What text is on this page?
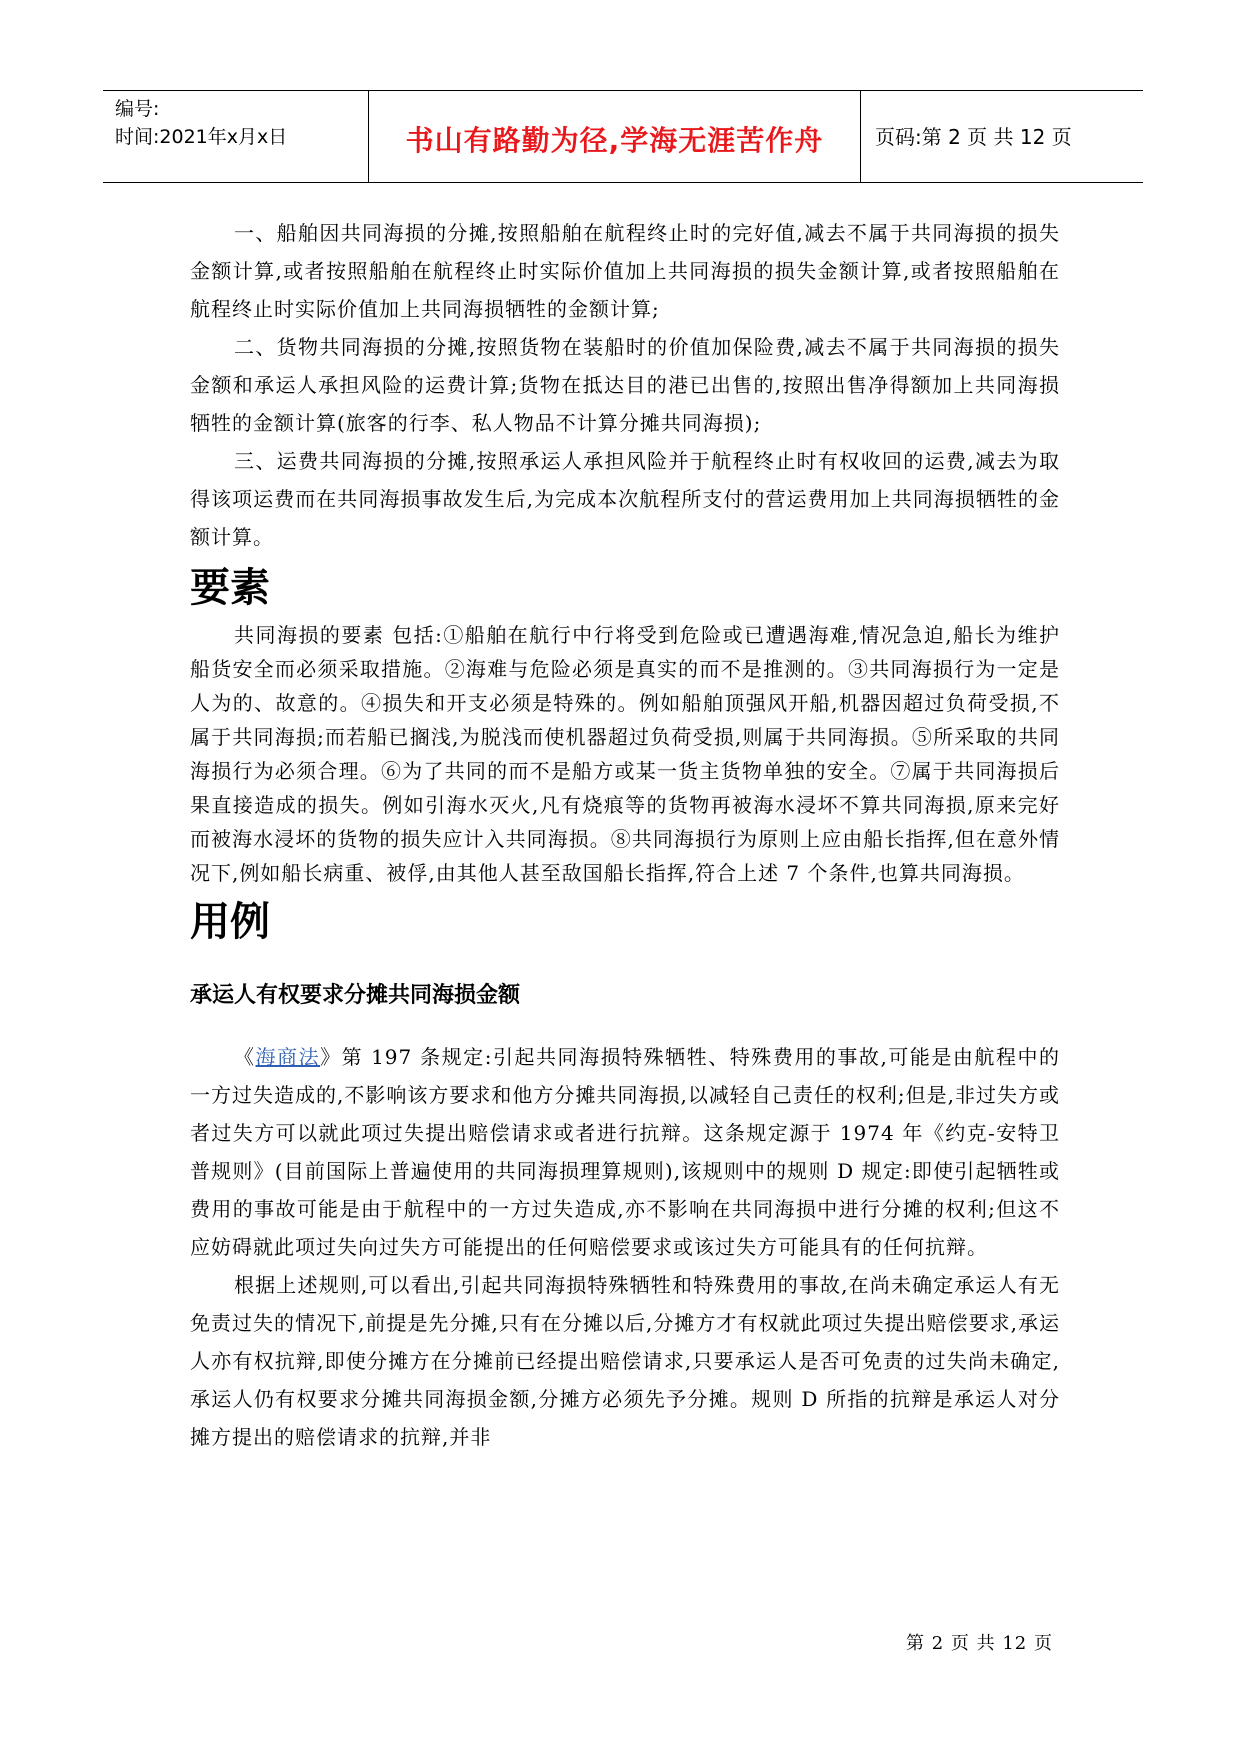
编号:
时间:2021年x月x日	书山有路勤为径,学海无涯苦作舟	页码:第 2 页 共 12 页

一、船舶因共同海损的分摊,按照船舶在航程终止时的完好值,减去不属于共同海损的损失金额计算,或者按照船舶在航程终止时实际价值加上共同海损的损失金额计算,或者按照船舶在航程终止时实际价值加上共同海损牺牲的金额计算;

二、货物共同海损的分摊,按照货物在装船时的价值加保险费,减去不属于共同海损的损失金额和承运人承担风险的运费计算;货物在抵达目的港已出售的,按照出售净得额加上共同海损牺牲的金额计算(旅客的行李、私人物品不计算分摊共同海损);

三、运费共同海损的分摊,按照承运人承担风险并于航程终止时有权收回的运费,减去为取得该项运费而在共同海损事故发生后,为完成本次航程所支付的营运费用加上共同海损牺牲的金额计算。

要素

共同海损的要素 包括:①船舶在航行中行将受到危险或已遭遇海难,情况急迫,船长为维护船货安全而必须采取措施。②海难与危险必须是真实的而不是推测的。③共同海损行为一定是人为的、故意的。④损失和开支必须是特殊的。例如船舶顶强风开船,机器因超过负荷受损,不属于共同海损;而若船已搁浅,为脱浅而使机器超过负荷受损,则属于共同海损。⑤所采取的共同海损行为必须合理。⑥为了共同的而不是船方或某一货主货物单独的安全。⑦属于共同海损后果直接造成的损失。例如引海水灭火,凡有烧痕等的货物再被海水浸坏不算共同海损,原来完好而被海水浸坏的货物的损失应计入共同海损。⑧共同海损行为原则上应由船长指挥,但在意外情况下,例如船长病重、被俘,由其他人甚至敌国船长指挥,符合上述 7 个条件,也算共同海损。

用例
承运人有权要求分摊共同海损金额

《海商法》第 197 条规定:引起共同海损特殊牺牲、特殊费用的事故,可能是由航程中的一方过失造成的,不影响该方要求和他方分摊共同海损,以减轻自己责任的权利;但是,非过失方或者过失方可以就此项过失提出赔偿请求或者进行抗辩。这条规定源于 1974 年《约克-安特卫普规则》(目前国际上普遍使用的共同海损理算规则),该规则中的规则 D 规定:即使引起牺牲或费用的事故可能是由于航程中的一方过失造成,亦不影响在共同海损中进行分摊的权利;但这不应妨碍就此项过失向过失方可能提出的任何赔偿要求或该过失方可能具有的任何抗辩。

根据上述规则,可以看出,引起共同海损特殊牺牲和特殊费用的事故,在尚未确定承运人有无免责过失的情况下,前提是先分摊,只有在分摊以后,分摊方才有权就此项过失提出赔偿要求,承运人亦有权抗辩,即使分摊方在分摊前已经提出赔偿请求,只要承运人是否可免责的过失尚未确定,承运人仍有权要求分摊共同海损金额,分摊方必须先予分摊。规则 D 所指的抗辩是承运人对分摊方提出的赔偿请求的抗辩,并非

第 2 页 共 12 页
